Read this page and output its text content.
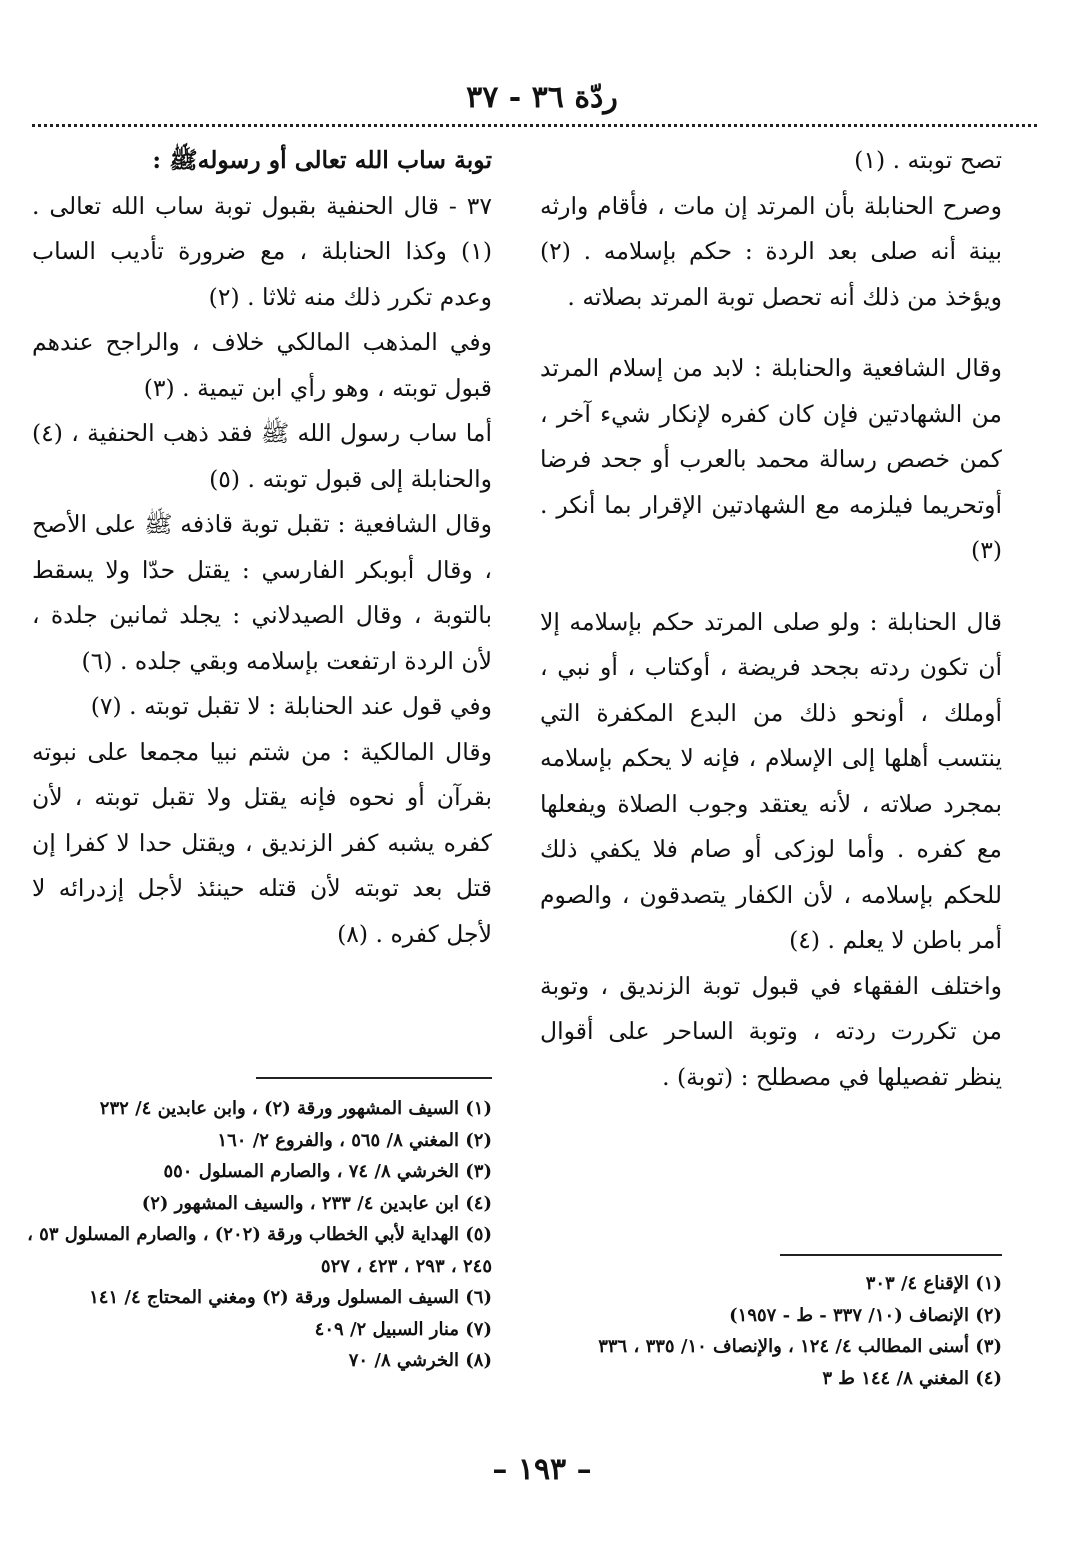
ردّة ٣٦ - ٣٧

تصح توبته . (١)

وصرح الحنابلة بأن المرتد إن مات ، فأقام وارثه بينة أنه صلى بعد الردة : حكم بإسلامه . (٢) ويؤخذ من ذلك أنه تحصل توبة المرتد بصلاته .

وقال الشافعية والحنابلة : لابد من إسلام المرتد من الشهادتين فإن كان كفره لإنكار شيء آخر ، كمن خصص رسالة محمد بالعرب أو جحد فرضا أوتحريما فيلزمه مع الشهادتين الإقرار بما أنكر . (٣)

قال الحنابلة : ولو صلى المرتد حكم بإسلامه إلا أن تكون ردته بجحد فريضة ، أوكتاب ، أو نبي ، أوملك ، أونحو ذلك من البدع المكفرة التي ينتسب أهلها إلى الإسلام ، فإنه لا يحكم بإسلامه بمجرد صلاته ، لأنه يعتقد وجوب الصلاة ويفعلها مع كفره . وأما لوزكى أو صام فلا يكفي ذلك للحكم بإسلامه ، لأن الكفار يتصدقون ، والصوم أمر باطن لا يعلم . (٤)

واختلف الفقهاء في قبول توبة الزنديق ، وتوبة من تكررت ردته ، وتوبة الساحر على أقوال ينظر تفصيلها في مصطلح : (توبة) .

(١) الإقناع ٤/ ٣٠٣

(٢) الإنصاف (١٠/ ٣٣٧ - ط - ١٩٥٧)

(٣) أسنى المطالب ٤/ ١٢٤ ، والإنصاف ١٠/ ٣٣٥ ، ٣٣٦

(٤) المغني ٨/ ١٤٤ ط ٣

توبة ساب الله تعالى أو رسولهﷺ :

٣٧ - قال الحنفية بقبول توبة ساب الله تعالى . (١) وكذا الحنابلة ، مع ضرورة تأديب الساب وعدم تكرر ذلك منه ثلاثا . (٢)

وفي المذهب المالكي خلاف ، والراجح عندهم قبول توبته ، وهو رأي ابن تيمية . (٣)

أما ساب رسول الله ﷺ فقد ذهب الحنفية ، (٤) والحنابلة إلى قبول توبته . (٥)

وقال الشافعية : تقبل توبة قاذفه ﷺ على الأصح ، وقال أبوبكر الفارسي : يقتل حدّا ولا يسقط بالتوبة ، وقال الصيدلاني : يجلد ثمانين جلدة ، لأن الردة ارتفعت بإسلامه وبقي جلده . (٦)

وفي قول عند الحنابلة : لا تقبل توبته . (٧)

وقال المالكية : من شتم نبيا مجمعا على نبوته بقرآن أو نحوه فإنه يقتل ولا تقبل توبته ، لأن كفره يشبه كفر الزنديق ، ويقتل حدا لا كفرا إن قتل بعد توبته لأن قتله حينئذ لأجل إزدرائه لا لأجل كفره . (٨)

(١) السيف المشهور ورقة (٢) ، وابن عابدين ٤/ ٢٣٢

(٢) المغني ٨/ ٥٦٥ ، والفروع ٢/ ١٦٠

(٣) الخرشي ٨/ ٧٤ ، والصارم المسلول ٥٥٠

(٤) ابن عابدين ٤/ ٢٣٣ ، والسيف المشهور (٢)

(٥) الهداية لأبي الخطاب ورقة (٢٠٢) ، والصارم المسلول ٥٣ ، ٢٤٥ ، ٢٩٣ ، ٤٢٣ ، ٥٢٧

(٦) السيف المسلول ورقة (٢) ومغني المحتاج ٤/ ١٤١

(٧) منار السبيل ٢/ ٤٠٩

(٨) الخرشي ٨/ ٧٠

– ١٩٣ –
